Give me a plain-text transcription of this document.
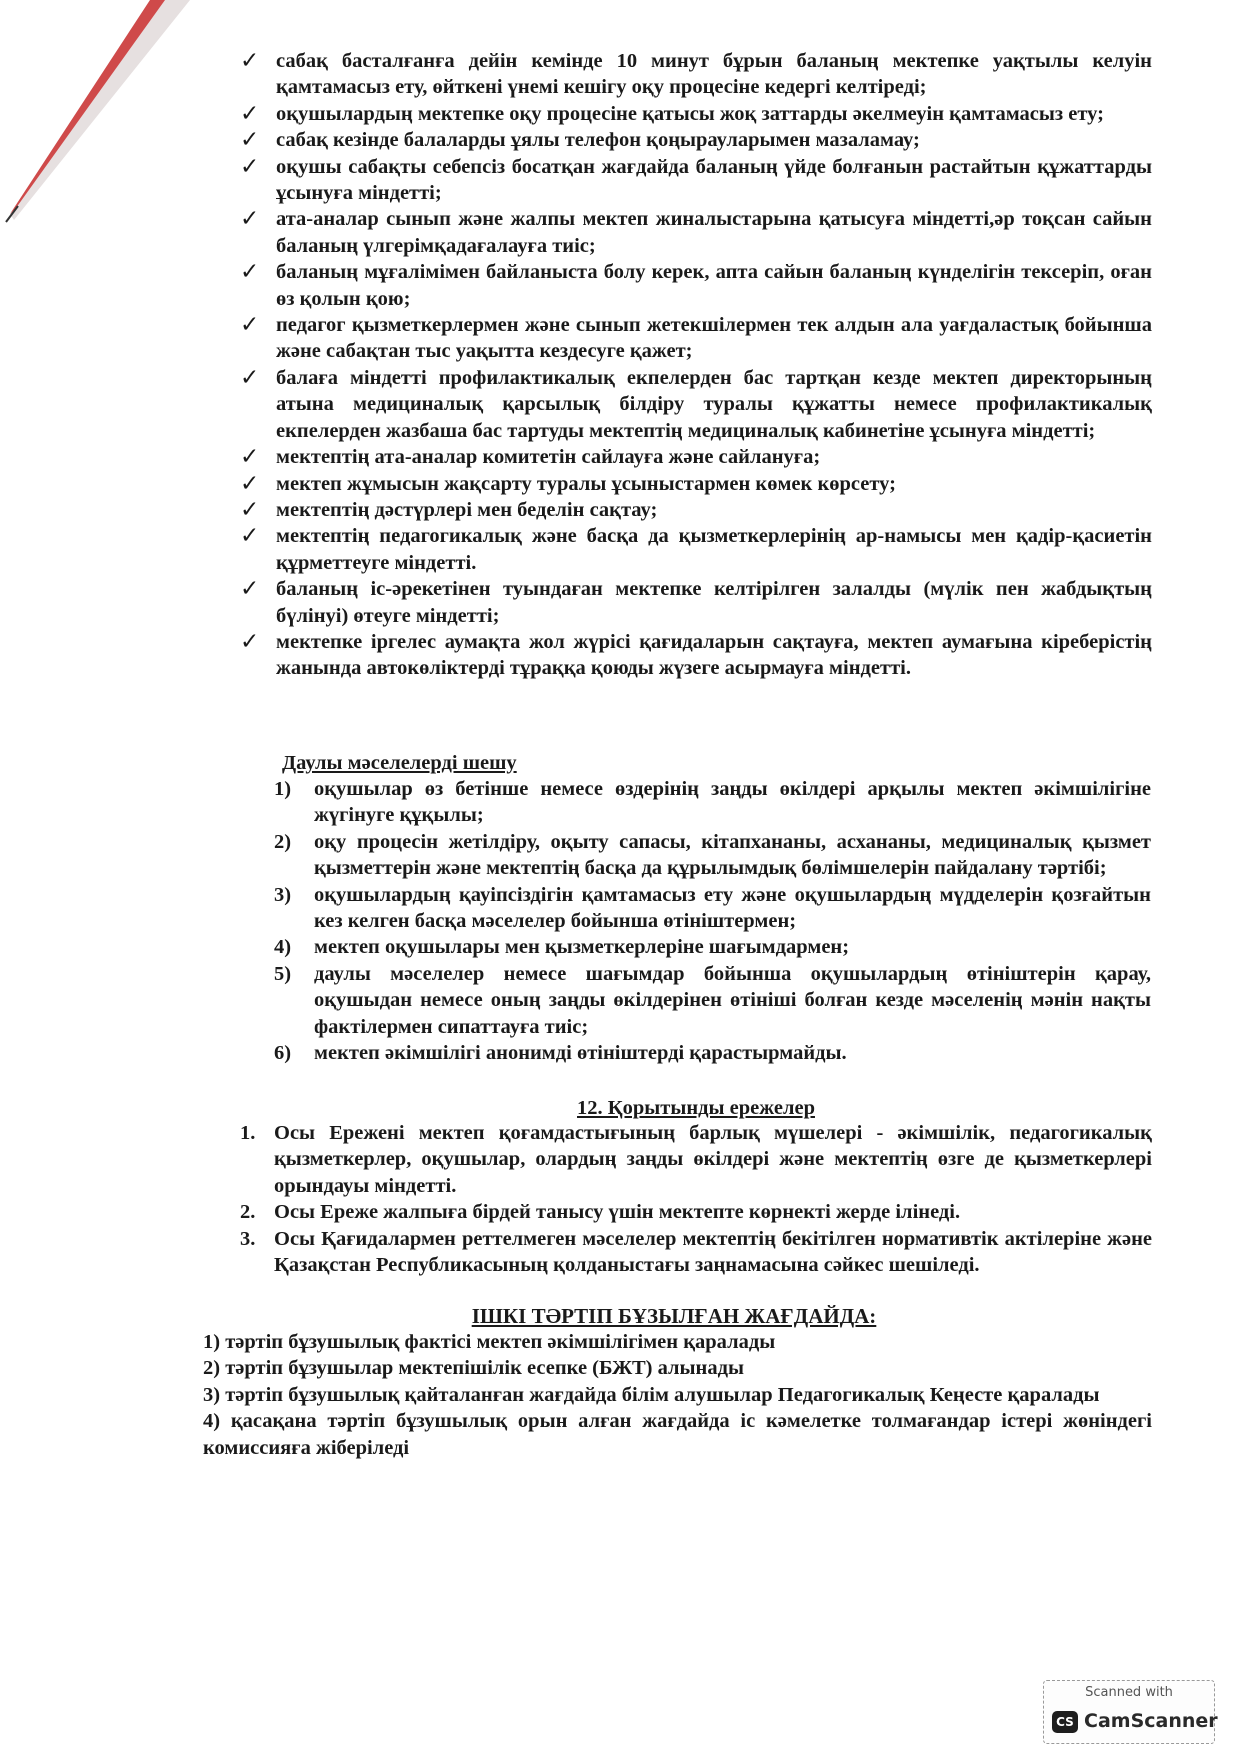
✓ сабақ басталғанға дейін кемінде 10 минут бұрын баланың мектепке уақтылы келуін қамтамасыз ету, өйткені үнемі кешігу оқу процесіне кедергі келтіреді;
✓ оқушылардың мектепке оқу процесіне қатысы жоқ заттарды әкелмеуін қамтамасыз ету;
✓ сабақ кезінде балаларды ұялы телефон қоңырауларымен мазаламау;
✓ оқушы сабақты себепсіз босатқан жағдайда баланың үйде болғанын растайтын құжаттарды ұсынуға міндетті;
✓ ата-аналар сынып және жалпы мектеп жиналыстарына қатысуға міндетті,әр тоқсан сайын баланың үлгерімқадағалауға тиіс;
✓ баланың мұғалімімен байланыста болу керек, апта сайын баланың күнделігін тексеріп, оған өз қолын қою;
✓ педагог қызметкерлермен және сынып жетекшілермен тек алдын ала уағдаластық бойынша және сабақтан тыс уақытта кездесуге қажет;
✓ балаға міндетті профилактикалық екпелерден бас тартқан кезде мектеп директорының атына медициналық қарсылық білдіру туралы құжатты немесе профилактикалық екпелерден жазбаша бас тартуды мектептің медициналық кабинетіне ұсынуға міндетті;
✓ мектептің ата-аналар комитетін сайлауға және сайлануға;
✓ мектеп жұмысын жақсарту туралы ұсыныстармен көмек көрсету;
✓ мектептің дәстүрлері мен беделін сақтау;
✓ мектептің педагогикалық және басқа да қызметкерлерінің ар-намысы мен қадір-қасиетін құрметтеуге міндетті.
✓ баланың іс-әрекетінен туындаған мектепке келтірілген залалды (мүлік пен жабдықтың бүлінуі) өтеуге міндетті;
✓ мектепке іргелес аумақта жол жүрісі қағидаларын сақтауға, мектеп аумағына кіреберістің жанында автокөліктерді тұраққа қоюды жүзеге асырмауға міндетті.
Даулы мәселелерді шешу
1) оқушылар өз бетінше немесе өздерінің заңды өкілдері арқылы мектеп әкімшілігіне жүгінуге құқылы;
2) оқу процесін жетілдіру, оқыту сапасы, кітапхананы, асхананы, медициналық қызмет қызметтерін және мектептің басқа да құрылымдық бөлімшелерін пайдалану тәртібі;
3) оқушылардың қауіпсіздігін қамтамасыз ету және оқушылардың мүдделерін қозғайтын кез келген басқа мәселелер бойынша өтініштермен;
4) мектеп оқушылары мен қызметкерлеріне шағымдармен;
5) даулы мәселелер немесе шағымдар бойынша оқушылардың өтініштерін қарау, оқушыдан немесе оның заңды өкілдерінен өтініші болған кезде мәселенің мәнін нақты фактілермен сипаттауға тиіс;
6) мектеп әкімшілігі анонимді өтініштерді қарастырмайды.
12. Қорытынды ережелер
1. Осы Ережені мектеп қоғамдастығының барлық мүшелері - әкімшілік, педагогикалық қызметкерлер, оқушылар, олардың заңды өкілдері және мектептің өзге де қызметкерлері орындауы міндетті.
2. Осы Ереже жалпыға бірдей танысу үшін мектепте көрнекті жерде ілінеді.
3. Осы Қағидалармен реттелмеген мәселелер мектептің бекітілген нормативтік актілеріне және Қазақстан Республикасының қолданыстағы заңнамасына сәйкес шешіледі.
ІШКІ ТӘРТІП БҰЗЫЛҒАН ЖАҒДАЙДА:

1) тәртіп бұзушылық фактісі мектеп әкімшілігімен қаралады

2) тәртіп бұзушылар мектепішілік есепке (БЖТ) алынады

3) тәртіп бұзушылық қайталанған жағдайда білім алушылар Педагогикалық Кеңесте қаралады

4) қасақана тәртіп бұзушылық орын алған жағдайда іс кәмелетке толмағандар істері жөніндегі комиссияға жіберіледі

Scanned with
CS CamScanner
